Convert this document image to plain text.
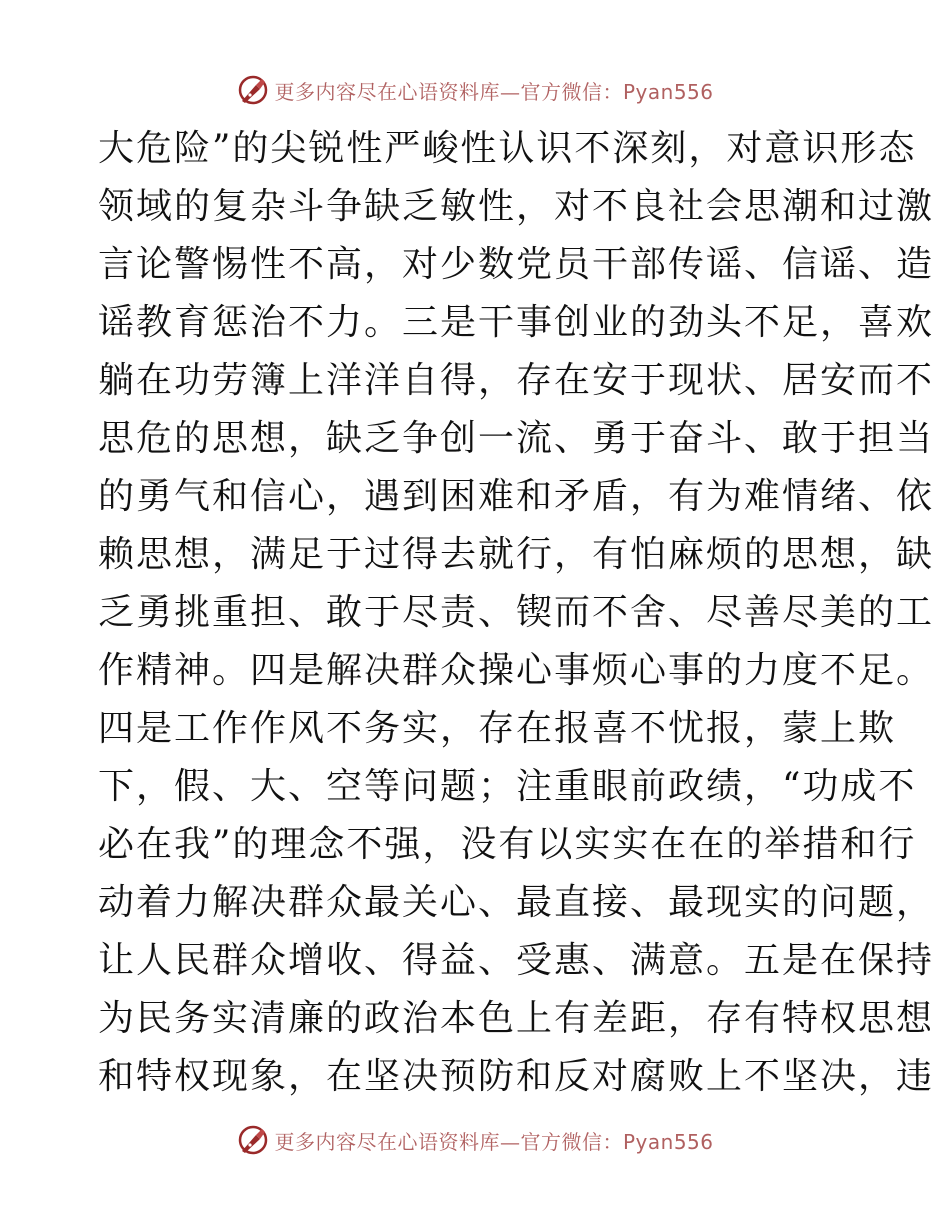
更多内容尽在心语资料库—官方微信：Pyan556
大危险”的尖锐性严峻性认识不深刻，对意识形态
领域的复杂斗争缺乏敏性，对不良社会思潮和过激
言论警惕性不高，对少数党员干部传谣、信谣、造
谣教育惩治不力。三是干事创业的劲头不足，喜欢
躺在功劳簿上洋洋自得，存在安于现状、居安而不
思危的思想，缺乏争创一流、勇于奋斗、敢于担当
的勇气和信心，遇到困难和矛盾，有为难情绪、依
赖思想，满足于过得去就行，有怕麻烦的思想，缺
乏勇挑重担、敢于尽责、锲而不舍、尽善尽美的工
作精神。四是解决群众操心事烦心事的力度不足。
四是工作作风不务实，存在报喜不忧报，蒙上欺
下，假、大、空等问题；注重眼前政绩，“功成不
必在我”的理念不强，没有以实实在在的举措和行
动着力解决群众最关心、最直接、最现实的问题，
让人民群众增收、得益、受惠、满意。五是在保持
为民务实清廉的政治本色上有差距，存有特权思想
和特权现象，在坚决预防和反对腐败上不坚决，违
更多内容尽在心语资料库—官方微信：Pyan556
